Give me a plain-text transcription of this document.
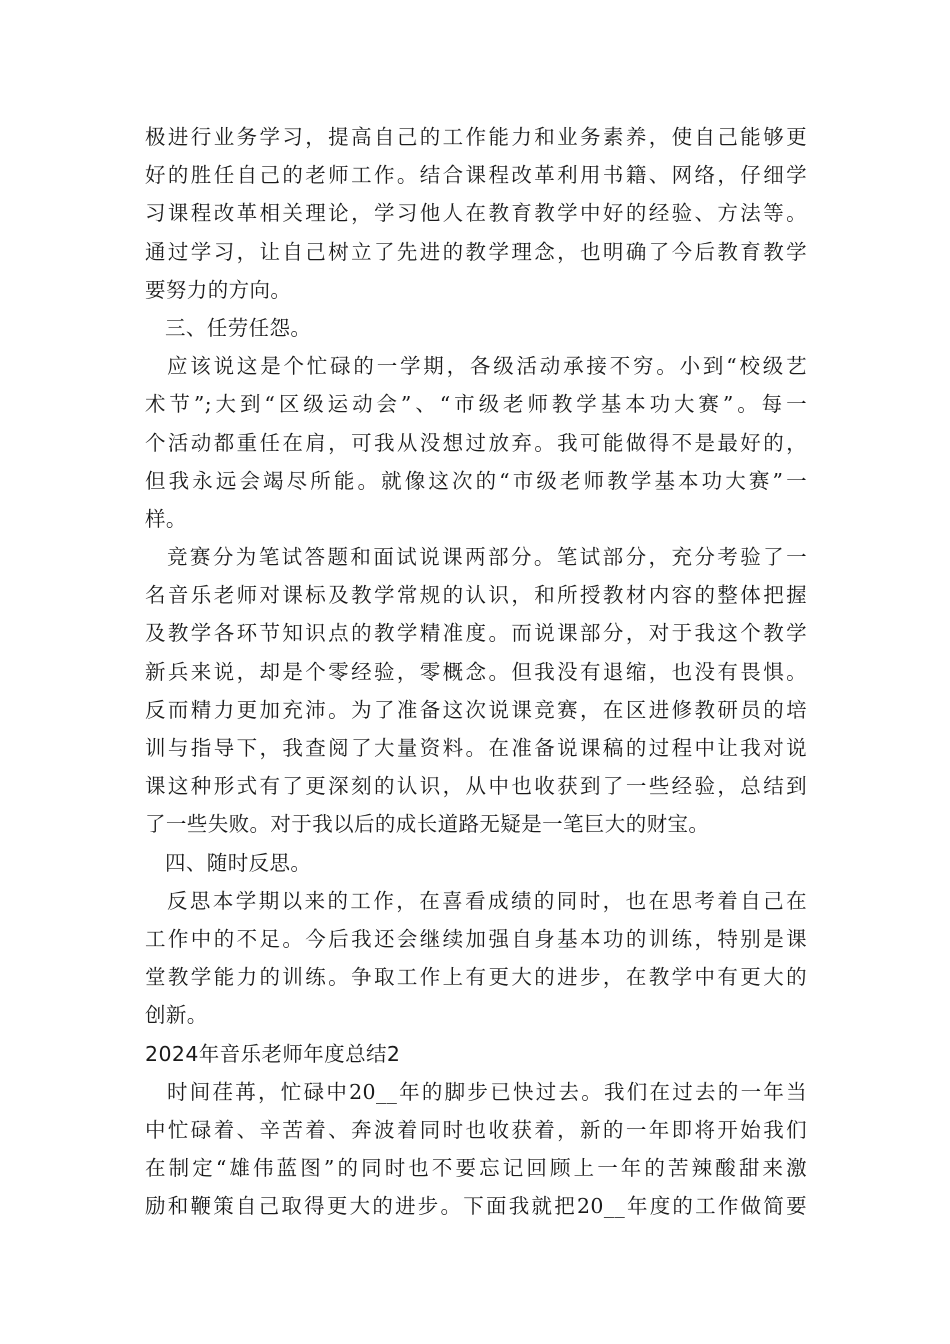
极进行业务学习，提高自己的工作能力和业务素养，使自己能够更
好的胜任自己的老师工作。结合课程改革利用书籍、网络，仔细学
习课程改革相关理论，学习他人在教育教学中好的经验、方法等。
通过学习，让自己树立了先进的教学理念，也明确了今后教育教学
要努力的方向。
三、任劳任怨。
应该说这是个忙碌的一学期，各级活动承接不穷。小到“校级艺
术节”;大到“区级运动会”、“市级老师教学基本功大赛”。每一
个活动都重任在肩，可我从没想过放弃。我可能做得不是最好的，
但我永远会竭尽所能。就像这次的“市级老师教学基本功大赛”一
样。
竞赛分为笔试答题和面试说课两部分。笔试部分，充分考验了一
名音乐老师对课标及教学常规的认识，和所授教材内容的整体把握
及教学各环节知识点的教学精准度。而说课部分，对于我这个教学
新兵来说，却是个零经验，零概念。但我没有退缩，也没有畏惧。
反而精力更加充沛。为了准备这次说课竞赛，在区进修教研员的培
训与指导下，我查阅了大量资料。在准备说课稿的过程中让我对说
课这种形式有了更深刻的认识，从中也收获到了一些经验，总结到
了一些失败。对于我以后的成长道路无疑是一笔巨大的财宝。
四、随时反思。
反思本学期以来的工作，在喜看成绩的同时，也在思考着自己在
工作中的不足。今后我还会继续加强自身基本功的训练，特别是课
堂教学能力的训练。争取工作上有更大的进步，在教学中有更大的
创新。
2024年音乐老师年度总结2
时间荏苒，忙碌中20__年的脚步已快过去。我们在过去的一年当
中忙碌着、辛苦着、奔波着同时也收获着，新的一年即将开始我们
在制定“雄伟蓝图”的同时也不要忘记回顾上一年的苦辣酸甜来激
励和鞭策自己取得更大的进步。下面我就把20__年度的工作做简要
